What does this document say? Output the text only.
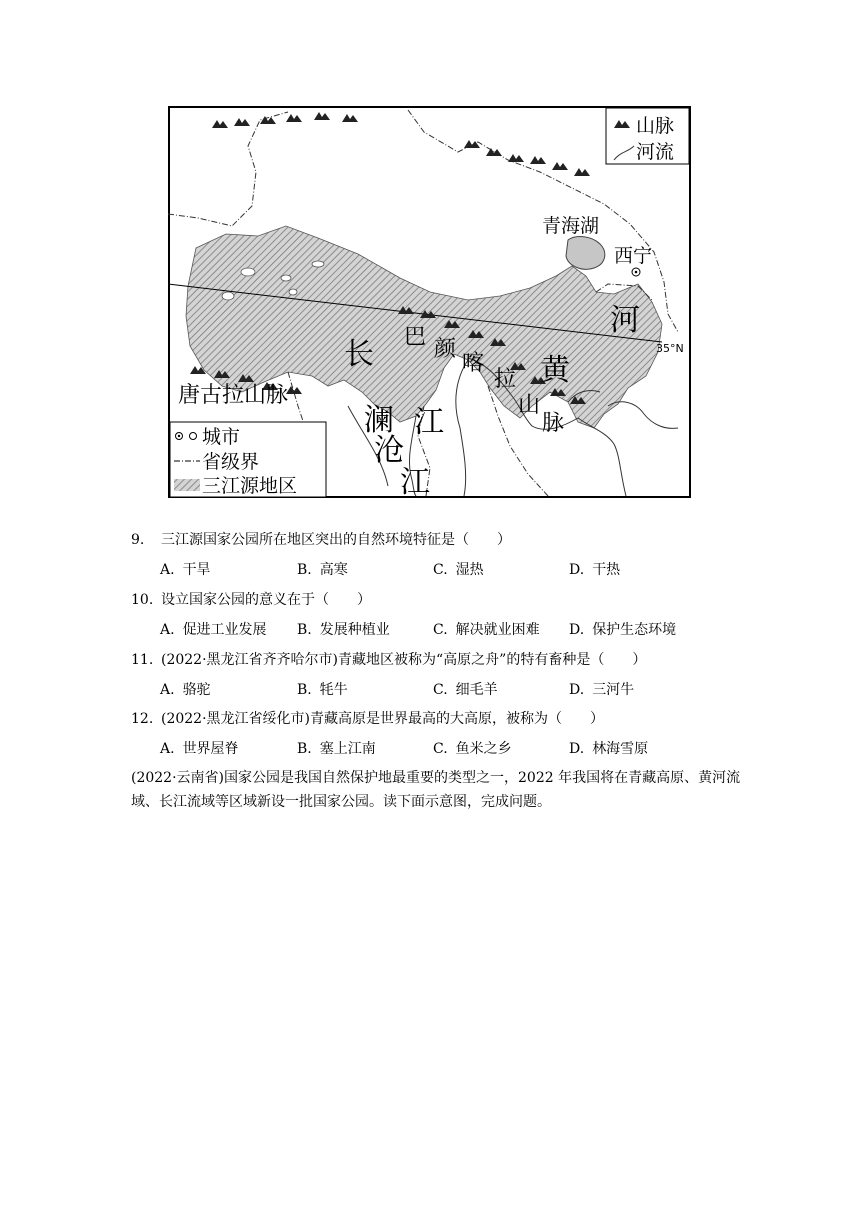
35°N
山脉
河流
城市
省级界
三江源地区
青海湖
西宁
河
黄
长
江
澜
沧
江
巴 颜
喀
拉
山
脉
唐古拉山脉
9. 三江源国家公园所在地区突出的自然环境特征是（　　）
A. 干旱	B. 高寒	C. 湿热	D. 干热
10. 设立国家公园的意义在于（　　）
A. 促进工业发展 B. 发展种植业	C. 解决就业困难 D. 保护生态环境
11. (2022·黑龙江省齐齐哈尔市)青藏地区被称为“高原之舟”的特有畜种是（　　）
A. 骆驼	B. 牦牛	C. 细毛羊	D. 三河牛
12. (2022·黑龙江省绥化市)青藏高原是世界最高的大高原，被称为（　　）
A. 世界屋脊	B. 塞上江南	C. 鱼米之乡	D. 林海雪原
(2022·云南省)国家公园是我国自然保护地最重要的类型之一，2022 年我国将在青藏高原、黄河流域、长江流域等区域新设一批国家公园。读下面示意图，完成问题。
